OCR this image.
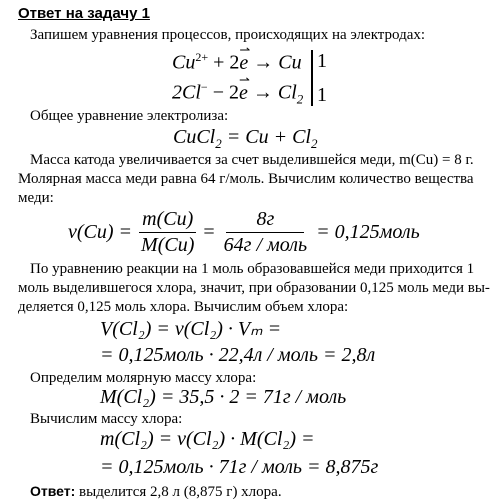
Ответ на задачу 1
Запишем уравнения процессов, происходящих на электродах:
$Cu^{2+} + 2e$
⇀
→ Cu 1
2Cl− − 2e
⇀
→ $Cl_2$ 1
Общее уравнение электролиза:
CuCl$_2$ = $Cu + Cl_2$
Масса катода увеличивается за счет выделившейся меди, m(Cu) = 8 г.
Молярная масса меди равна 64 г/моль. Вычислим количество вещества
меди:
$\nu(Cu) = \frac{m(Cu)}{M(Cu)} = \frac{8г}{\text{64г / моль}}$ = 0,125моль
По уравнению реакции на 1 моль образовавшейся меди приходится 1
моль выделившегося хлора, значит, при образовании 0,125 моль меди вы-
деляется 0,125 моль хлора. Вычислим объем хлора:
V(Cl₂) = ν(Cl₂) · Vₘ =
= 0,125моль · 22,4л / моль = 2,8л
Определим молярную массу хлора:
M(Cl₂) = 35,5 · 2 = 71г / моль
Вычислим массу хлора:
m(Cl₂) = ν(Cl₂) · M(Cl₂) =
= 0,125моль · 71г / моль = 8,875г
Ответ: выделится 2,8 л (8,875 г) хлора.
